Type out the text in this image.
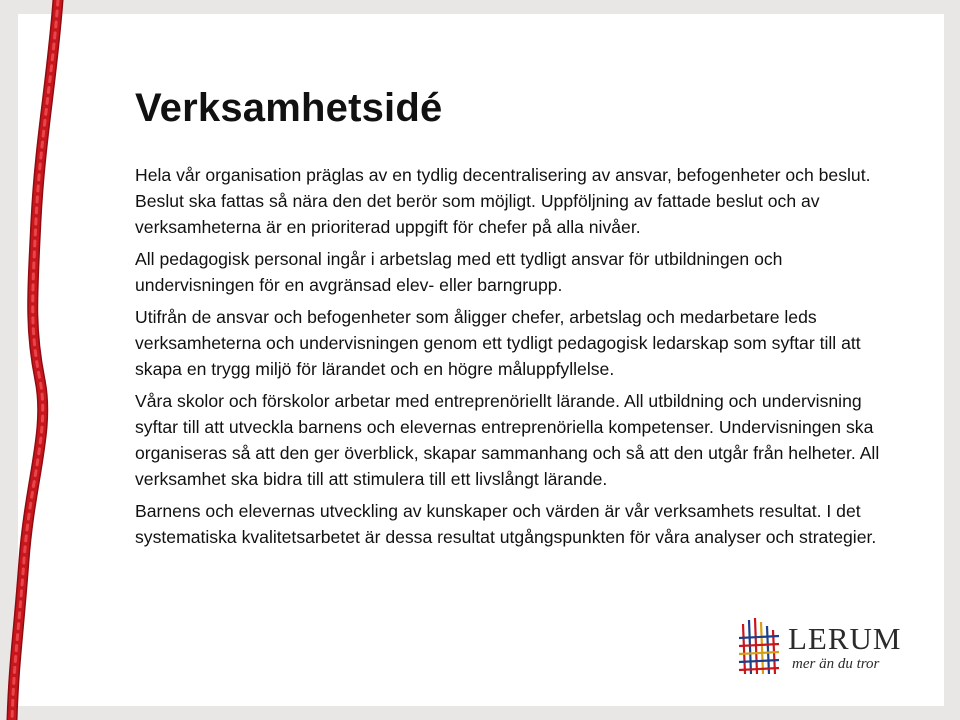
Verksamhetsidé

Hela vår organisation präglas av en tydlig decentralisering av ansvar, befogenheter och beslut. Beslut ska fattas så nära den det berör som möjligt. Uppföljning av fattade beslut och av verksamheterna är en prioriterad uppgift för chefer på alla nivåer.

All pedagogisk personal ingår i arbetslag med ett tydligt ansvar för utbildningen och undervisningen för en avgränsad elev- eller barngrupp.

Utifrån de ansvar och befogenheter som åligger chefer, arbetslag och medarbetare leds verksamheterna och undervisningen genom ett tydligt pedagogisk ledarskap som syftar till att skapa en trygg miljö för lärandet och en högre måluppfyllelse.

Våra skolor och förskolor arbetar med entreprenöriellt lärande. All utbildning och undervisning syftar till att utveckla barnens och elevernas entreprenöriella kompetenser. Undervisningen ska organiseras så att den ger överblick, skapar sammanhang och så att den utgår från helheter. All verksamhet ska bidra till att stimulera till ett livslångt lärande.

Barnens och elevernas utveckling av kunskaper och värden är vår verksamhets resultat. I det systematiska kvalitetsarbetet är dessa resultat utgångspunkten för våra analyser och strategier.

LERUM
mer än du tror
